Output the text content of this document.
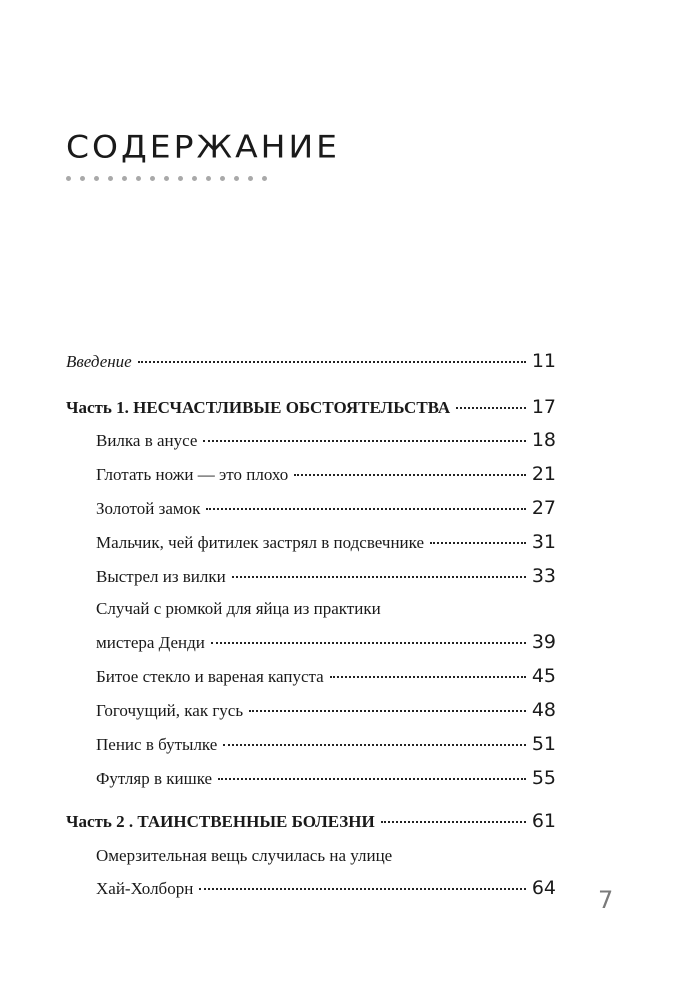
СОДЕРЖАНИЕ
Введение	11
Часть 1. НЕСЧАСТЛИВЫЕ ОБСТОЯТЕЛЬСТВА	17
Вилка в анусе	18
Глотать ножи — это плохо	21
Золотой замок	27
Мальчик, чей фитилек застрял в подсвечнике	31
Выстрел из вилки	33
Случай с рюмкой для яйца из практики
мистера Денди	39
Битое стекло и вареная капуста	45
Гогочущий, как гусь	48
Пенис в бутылке	51
Футляр в кишке	55
Часть 2 . ТАИНСТВЕННЫЕ БОЛЕЗНИ	61
Омерзительная вещь случилась на улице
Хай-Холборн	64 7
